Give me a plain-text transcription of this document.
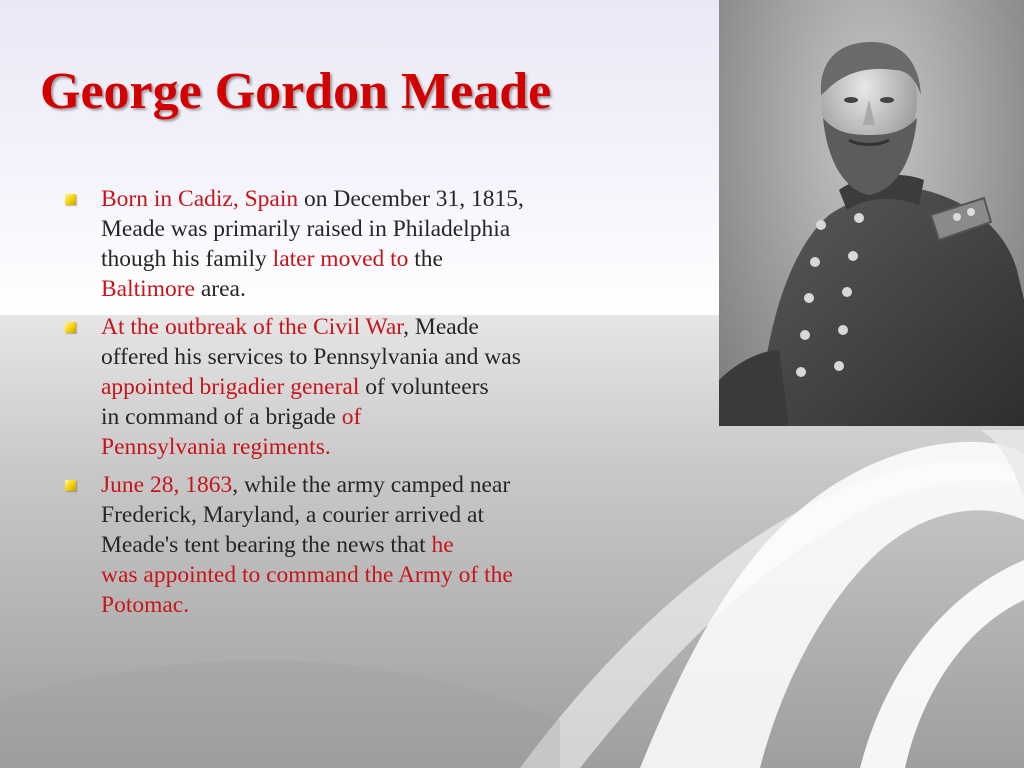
George Gordon Meade
Born in Cadiz, Spain on December 31, 1815,
Meade was primarily raised in Philadelphia
though his family later moved to the
Baltimore area.
At the outbreak of the Civil War, Meade
offered his services to Pennsylvania and was
appointed brigadier general of volunteers
in command of a brigade of
Pennsylvania regiments.
June 28, 1863, while the army camped near
Frederick, Maryland, a courier arrived at
Meade's tent bearing the news that he
was appointed to command the Army of the
Potomac.
